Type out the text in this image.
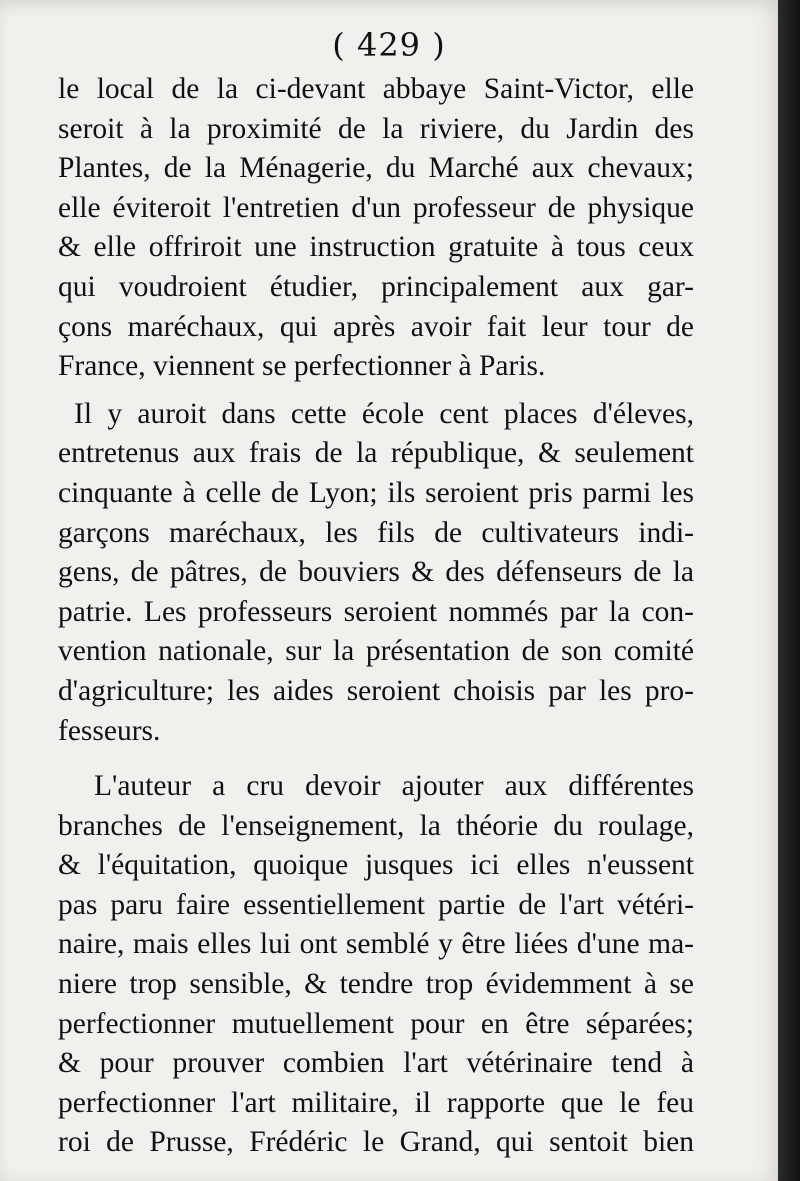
( 429 )
le local de la ci-devant abbaye Saint-Victor, elle
seroit à la proximité de la riviere, du Jardin des
Plantes, de la Ménagerie, du Marché aux chevaux;
elle éviteroit l'entretien d'un professeur de physique
& elle offriroit une instruction gratuite à tous ceux
qui voudroient étudier, principalement aux gar-
çons maréchaux, qui après avoir fait leur tour de
France, viennent se perfectionner à Paris.
Il y auroit dans cette école cent places d'éleves,
entretenus aux frais de la république, & seulement
cinquante à celle de Lyon; ils seroient pris parmi les
garçons maréchaux, les fils de cultivateurs indi-
gens, de pâtres, de bouviers & des défenseurs de la
patrie. Les professeurs seroient nommés par la con-
vention nationale, sur la présentation de son comité
d'agriculture; les aides seroient choisis par les pro-
fesseurs.
L'auteur a cru devoir ajouter aux différentes
branches de l'enseignement, la théorie du roulage,
& l'équitation, quoique jusques ici elles n'eussent
pas paru faire essentiellement partie de l'art vétéri-
naire, mais elles lui ont semblé y être liées d'une ma-
niere trop sensible, & tendre trop évidemment à se
perfectionner mutuellement pour en être séparées;
& pour prouver combien l'art vétérinaire tend à
perfectionner l'art militaire, il rapporte que le feu
roi de Prusse, Frédéric le Grand, qui sentoit bien
